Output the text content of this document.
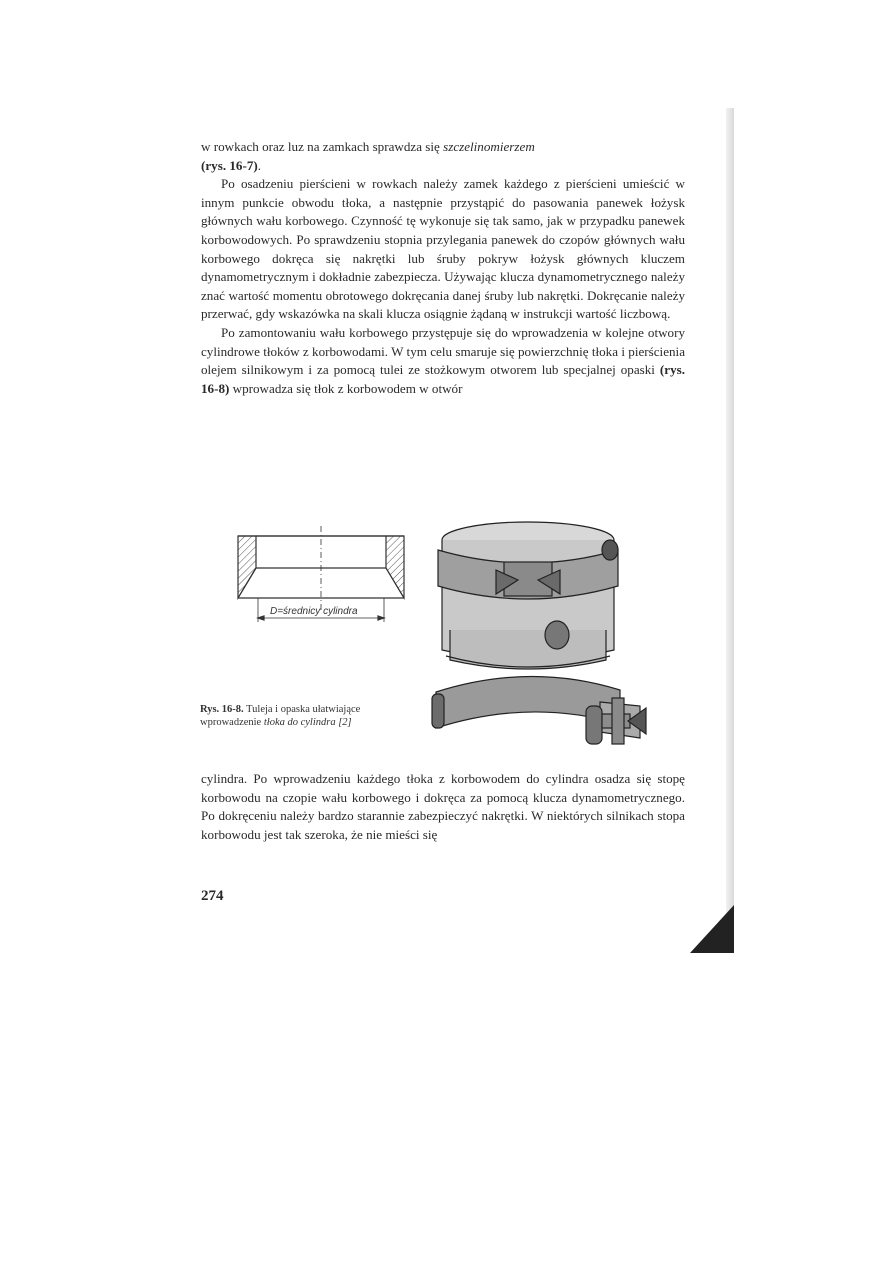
w rowkach oraz luz na zamkach sprawdza się szczelinomierzem
(rys. 16-7).

Po osadzeniu pierścieni w rowkach należy zamek każdego z pierścieni umieścić w innym punkcie obwodu tłoka, a następnie przystąpić do pasowania panewek łożysk głównych wału korbowego. Czynność tę wykonuje się tak samo, jak w przypadku panewek korbowodowych. Po sprawdzeniu stopnia przylegania panewek do czopów głównych wału korbowego dokręca się nakrętki lub śruby pokryw łożysk głównych kluczem dynamometrycznym i dokładnie zabezpiecza. Używając klucza dynamometrycznego należy znać wartość momentu obrotowego dokręcania danej śruby lub nakrętki. Dokręcanie należy przerwać, gdy wskazówka na skali klucza osiągnie żądaną w instrukcji wartość liczbową.

Po zamontowaniu wału korbowego przystępuje się do wprowadzenia w kolejne otwory cylindrowe tłoków z korbowodami. W tym celu smaruje się powierzchnię tłoka i pierścienia olejem silnikowym i za pomocą tulei ze stożkowym otworem lub specjalnej opaski (rys. 16-8) wprowadza się tłok z korbowodem w otwór

D=średnicy cylindra
Rys. 16-8. Tuleja i opaska ułatwiające wprowadzenie tłoka do cylindra [2]

cylindra. Po wprowadzeniu każdego tłoka z korbowodem do cylindra osadza się stopę korbowodu na czopie wału korbowego i dokręca za pomocą klucza dynamometrycznego. Po dokręceniu należy bardzo starannie zabezpieczyć nakrętki. W niektórych silnikach stopa korbowodu jest tak szeroka, że nie mieści się

274
